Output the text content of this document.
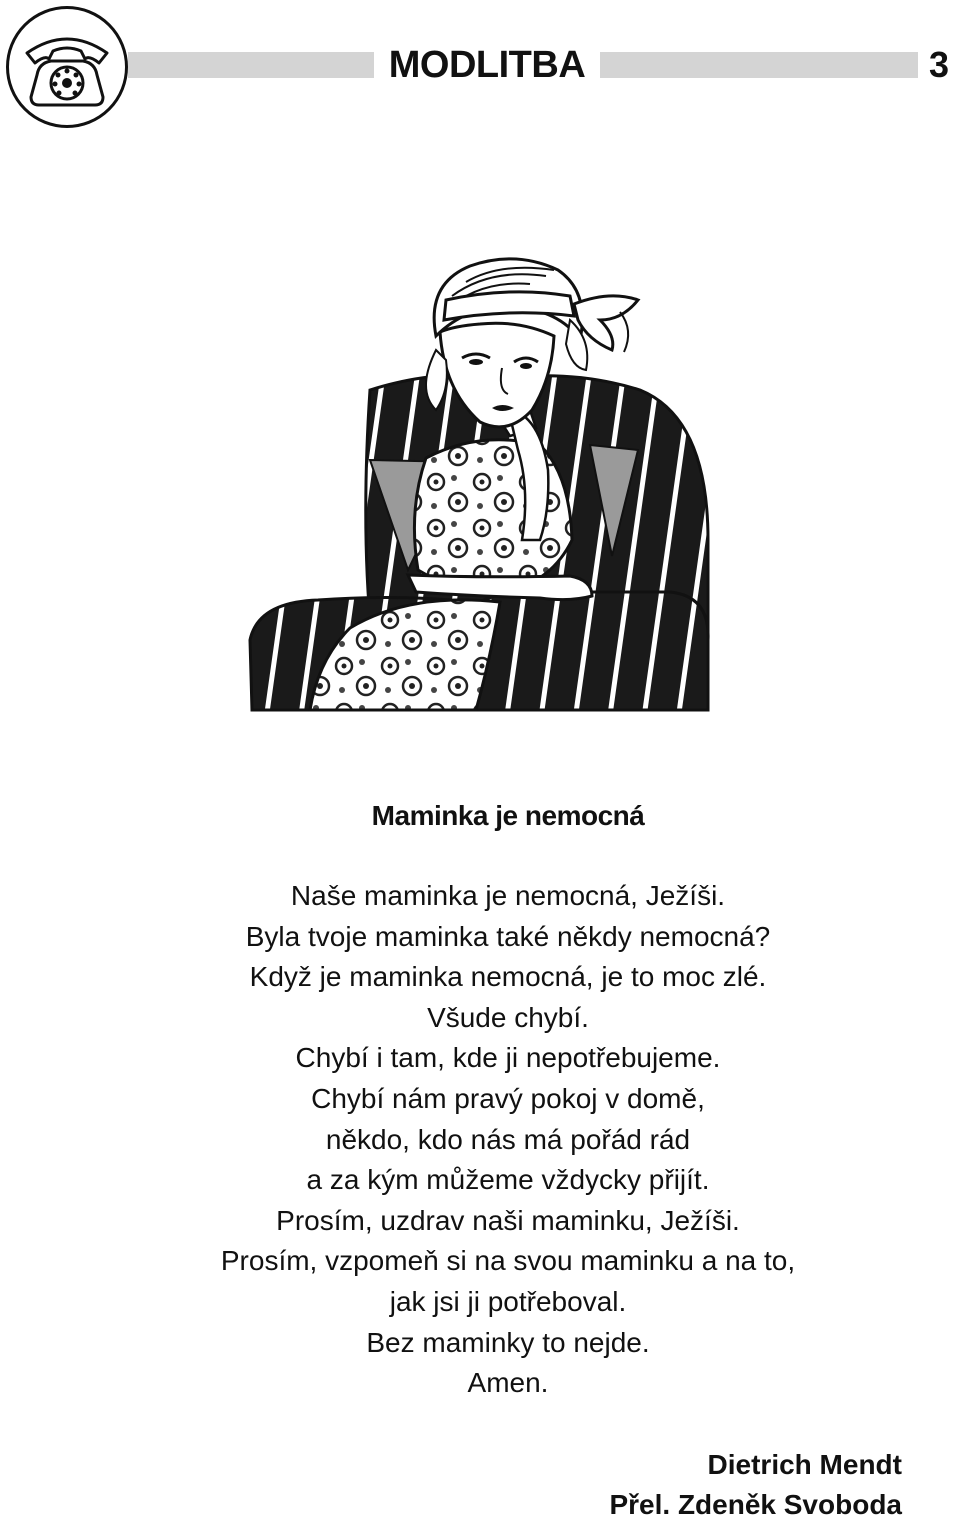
MODLITBA	3
Maminka je nemocná
Naše maminka je nemocná, Ježíši.
Byla tvoje maminka také někdy nemocná?
Když je maminka nemocná, je to moc zlé.
Všude chybí.
Chybí i tam, kde ji nepotřebujeme.
Chybí nám pravý pokoj v domě,
někdo, kdo nás má pořád rád
a za kým můžeme vždycky přijít.
Prosím, uzdrav naši maminku, Ježíši.
Prosím, vzpomeň si na svou maminku a na to,
jak jsi ji potřeboval.
Bez maminky to nejde.
Amen.
Dietrich Mendt
Přel. Zdeněk Svoboda
